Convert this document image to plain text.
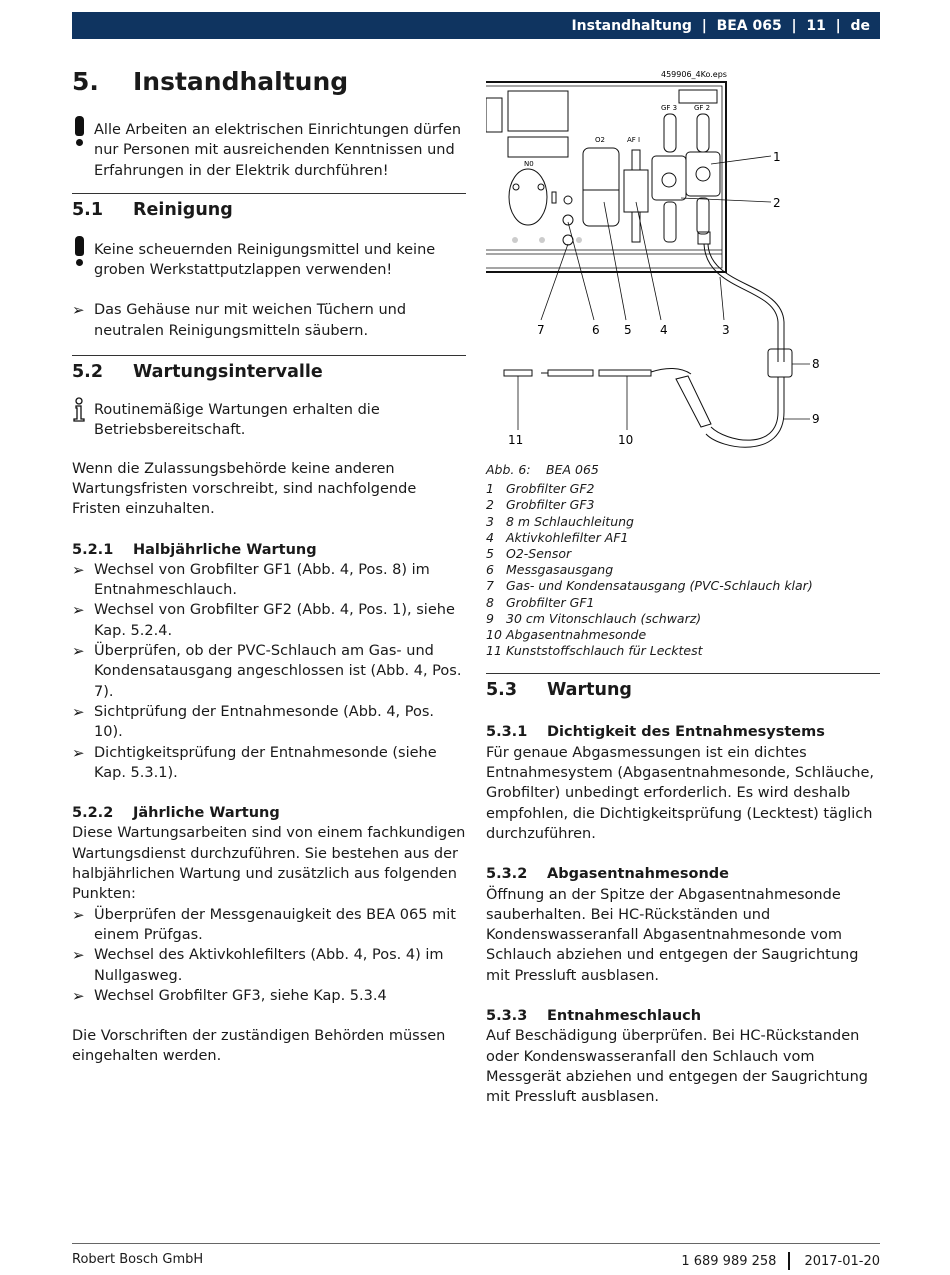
Instandhaltung | BEA 065 | 11 | de
5.	Instandhaltung

Alle Arbeiten an elektrischen Einrichtungen dürfen nur Personen mit ausreichenden Kenntnissen und Erfahrungen in der Elektrik durchführen!

5.1	Reinigung

Keine scheuernden Reinigungsmittel und keine groben Werkstattputzlappen verwenden!

➢ Das Gehäuse nur mit weichen Tüchern und neutralen Reinigungsmitteln säubern.

5.2	Wartungsintervalle

Routinemäßige Wartungen erhalten die Betriebsbereitschaft.

Wenn die Zulassungsbehörde keine anderen Wartungsfristen vorschreibt, sind nachfolgende Fristen einzuhalten.

5.2.1	Halbjährliche Wartung
➢ Wechsel von Grobfilter GF1 (Abb. 4, Pos. 8) im Entnahmeschlauch.

➢ Wechsel von Grobfilter GF2 (Abb. 4, Pos. 1), siehe Kap. 5.2.4.

➢ Überprüfen, ob der PVC-Schlauch am Gas- und Kondensatausgang angeschlossen ist (Abb. 4, Pos. 7).

➢ Sichtprüfung der Entnahmesonde (Abb. 4, Pos. 10).

➢ Dichtigkeitsprüfung der Entnahmesonde (siehe Kap. 5.3.1).

5.2.2	Jährliche Wartung

Diese Wartungsarbeiten sind von einem fachkundigen Wartungsdienst durchzuführen. Sie bestehen aus der halbjährlichen Wartung und zusätzlich aus folgenden Punkten:

➢ Überprüfen der Messgenauigkeit des BEA 065 mit einem Prüfgas.

➢ Wechsel des Aktivkohlefilters (Abb. 4, Pos. 4) im Nullgasweg.

➢ Wechsel Grobfilter GF3, siehe Kap. 5.3.4

Die Vorschriften der zuständigen Behörden müssen eingehalten werden.

459906_4Ko.eps
N0
O2	AF I
GF 3 GF 2
1
2
3
4
5
6
7
8
9
10
11
Abb. 6:	BEA 065
1 Grobfilter GF2
2 Grobfilter GF3
3 8 m Schlauchleitung
4 Aktivkohlefilter AF1
5 O2-Sensor
6 Messgasausgang
7 Gas- und Kondensatausgang (PVC-Schlauch klar)
8 Grobfilter GF1
9 30 cm Vitonschlauch (schwarz)
10 Abgasentnahmesonde
11 Kunststoffschlauch für Lecktest
5.3	Wartung
5.3.1	Dichtigkeit des Entnahmesystems

Für genaue Abgasmessungen ist ein dichtes Entnahmesystem (Abgasentnahmesonde, Schläuche, Grobfilter) unbedingt erforderlich. Es wird deshalb empfohlen, die Dichtigkeitsprüfung (Lecktest) täglich durchzuführen.

5.3.2	Abgasentnahmesonde

Öffnung an der Spitze der Abgasentnahmesonde sauberhalten. Bei HC-Rückständen und Kondenswasseranfall Abgasentnahmesonde vom Schlauch abziehen und entgegen der Saugrichtung mit Pressluft ausblasen.

5.3.3	Entnahmeschlauch

Auf Beschädigung überprüfen. Bei HC-Rückstanden oder Kondenswasseranfall den Schlauch vom Messgerät abziehen und entgegen der Saugrichtung mit Pressluft ausblasen.

Robert Bosch GmbH	1 689 989 258 2017-01-20
